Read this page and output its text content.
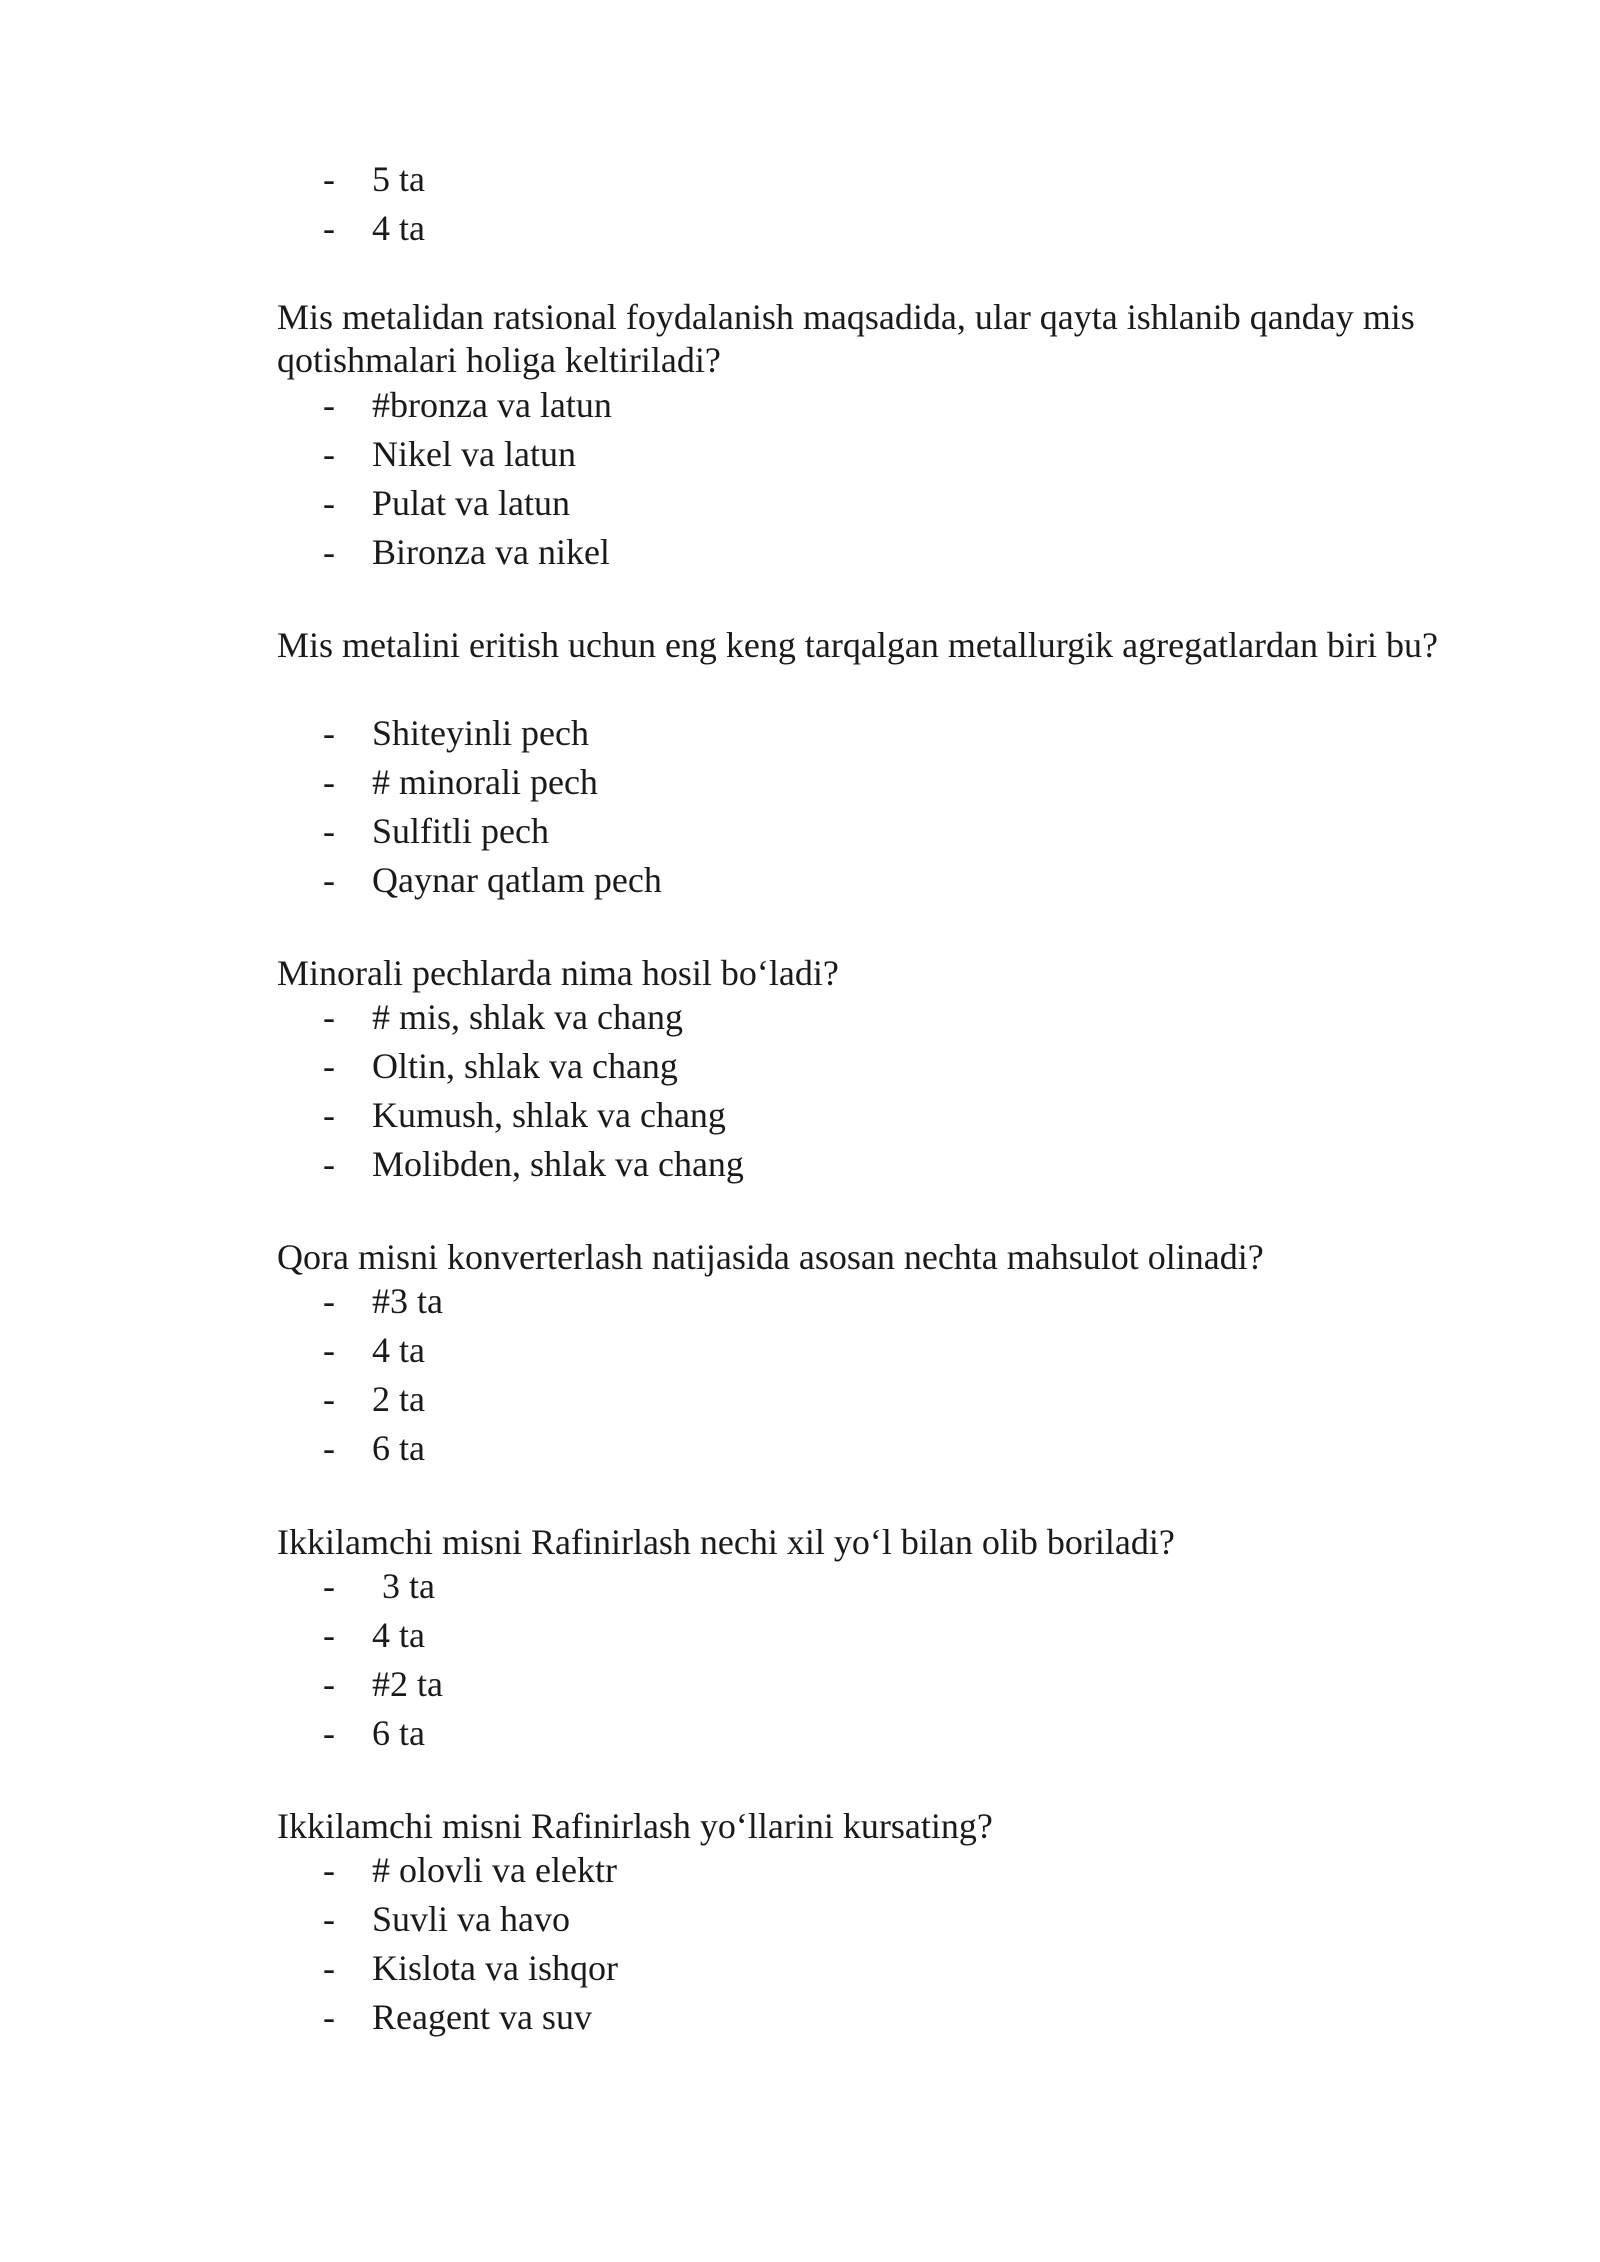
- 5 ta
- 4 ta

Mis metalidan ratsional foydalanish maqsadida, ular qayta ishlanib qanday mis qotishmalari holiga keltiriladi?

- #bronza va latun
- Nikel va latun
- Pulat va latun
- Bironza va nikel

Mis metalini eritish uchun eng keng tarqalgan metallurgik agregatlardan biri bu?

- Shiteyinli pech
- # minorali pech
- Sulfitli pech
- Qaynar qatlam pech

Minorali pechlarda nima hosil bo‘ladi?

- # mis, shlak va chang
- Oltin, shlak va chang
- Kumush, shlak va chang
- Molibden, shlak va chang

Qora misni konverterlash natijasida asosan nechta mahsulot olinadi?

- #3 ta
- 4 ta
- 2 ta
- 6 ta

Ikkilamchi misni Rafinirlash nechi xil yo‘l bilan olib boriladi?

- 3 ta
- 4 ta
- #2 ta
- 6 ta

Ikkilamchi misni Rafinirlash yo‘llarini kursating?

- # olovli va elektr
- Suvli va havo
- Kislota va ishqor
- Reagent va suv
